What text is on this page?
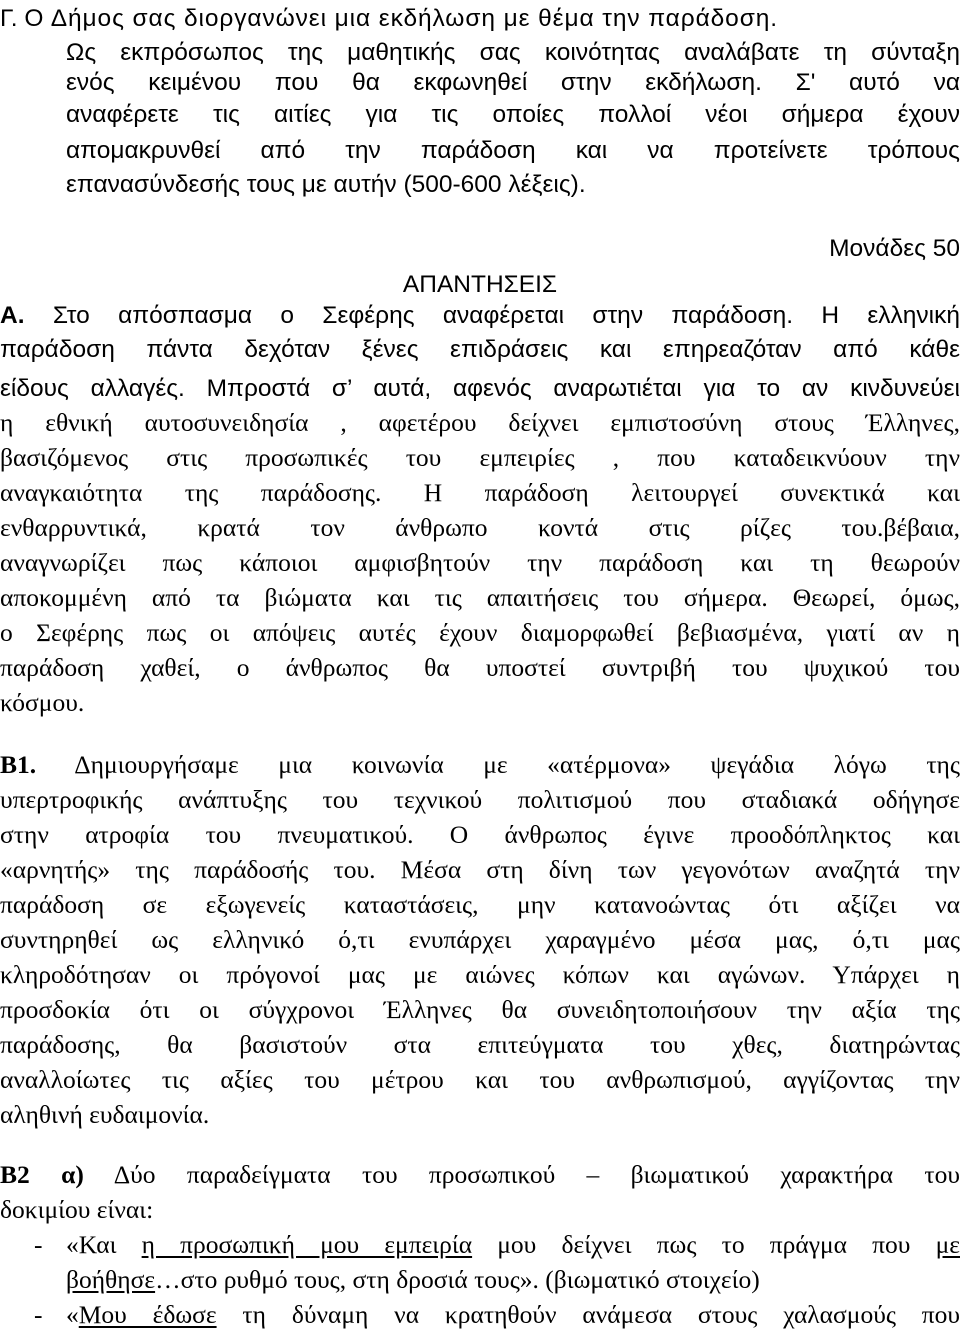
Γ. Ο Δήμος σας διοργανώνει μια εκδήλωση με θέμα την παράδοση.
Ως εκπρόσωπος της μαθητικής σας κοινότητας αναλάβατε τη σύνταξη
ενός κειμένου που θα εκφωνηθεί στην εκδήλωση. Σ' αυτό να
αναφέρετε τις αιτίες για τις οποίες πολλοί νέοι σήμερα έχουν
απομακρυνθεί από την παράδοση και να προτείνετε τρόπους
επανασύνδεσής τους με αυτήν (500-600 λέξεις).
Μονάδες 50
ΑΠΑΝΤΗΣΕΙΣ
Α. Στο απόσπασμα ο Σεφέρης αναφέρεται στην παράδοση. Η ελληνική
παράδοση πάντα δεχόταν ξένες επιδράσεις και επηρεαζόταν από κάθε
είδους αλλαγές. Μπροστά σ’ αυτά, αφενός αναρωτιέται για το αν κινδυνεύει
η εθνική αυτοσυνειδησία , αφετέρου δείχνει εμπιστοσύνη στους Έλληνες,
βασιζόμενος στις προσωπικές του εμπειρίες , που καταδεικνύουν την
αναγκαιότητα της παράδοσης. Η παράδοση λειτουργεί συνεκτικά και
ενθαρρυντικά, κρατά τον άνθρωπο κοντά στις ρίζες του.βέβαια,
αναγνωρίζει πως κάποιοι αμφισβητούν την παράδοση και τη θεωρούν
αποκομμένη από τα βιώματα και τις απαιτήσεις του σήμερα. Θεωρεί, όμως,
ο Σεφέρης πως οι απόψεις αυτές έχουν διαμορφωθεί βεβιασμένα, γιατί αν η
παράδοση χαθεί, ο άνθρωπος θα υποστεί συντριβή του ψυχικού του
κόσμου.
Β1. Δημιουργήσαμε μια κοινωνία με «ατέρμονα» ψεγάδια λόγω της
υπερτροφικής ανάπτυξης του τεχνικού πολιτισμού που σταδιακά οδήγησε
στην ατροφία του πνευματικού. Ο άνθρωπος έγινε προοδόπληκτος και
«αρνητής» της παράδοσής του. Μέσα στη δίνη των γεγονότων αναζητά την
παράδοση σε εξωγενείς καταστάσεις, μην κατανοώντας ότι αξίζει να
συντηρηθεί ως ελληνικό ό,τι ενυπάρχει χαραγμένο μέσα μας, ό,τι μας
κληροδότησαν οι πρόγονοί μας με αιώνες κόπων και αγώνων. Υπάρχει η
προσδοκία ότι οι σύγχρονοι Έλληνες θα συνειδητοποιήσουν την αξία της
παράδοσης, θα βασιστούν στα επιτεύγματα του χθες, διατηρώντας
αναλλοίωτες τις αξίες του μέτρου και του ανθρωπισμού, αγγίζοντας την
αληθινή ευδαιμονία.
Β2 α) Δύο παραδείγματα του προσωπικού – βιωματικού χαρακτήρα του
δοκιμίου είναι:
- «Και η προσωπική μου εμπειρία μου δείχνει πως το πράγμα που με
βοήθησε…στο ρυθμό τους, στη δροσιά τους». (βιωματικό στοιχείο)
- «Μου έδωσε τη δύναμη να κρατηθούν ανάμεσα στους χαλασμούς που
